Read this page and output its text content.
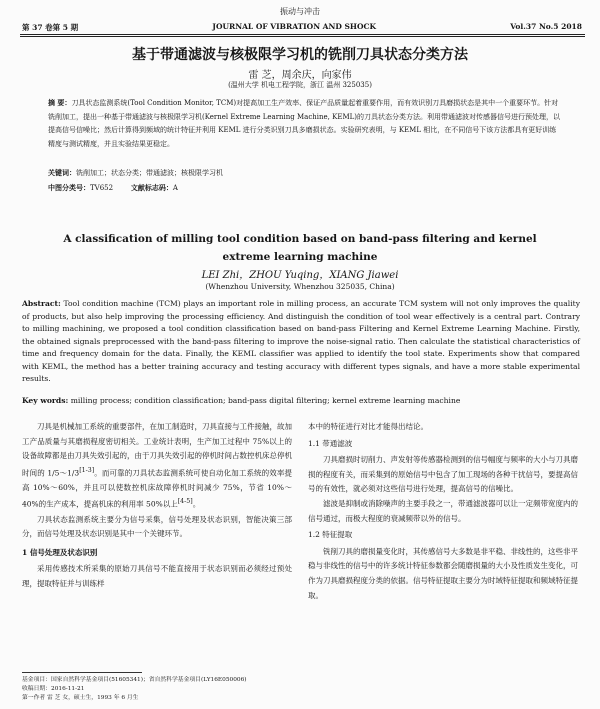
振动与冲击
第 37 卷第 5 期	JOURNAL OF VIBRATION AND SHOCK	Vol.37 No.5 2018
基于带通滤波与核极限学习机的铣削刀具状态分类方法
雷 芝，周余庆，向家伟
(温州大学 机电工程学院，浙江 温州 325035)
摘 要：刀具状态监测系统(Tool Condition Monitor, TCM)对提高加工生产效率、保证产品质量起着重要作用，而有效识别刀具磨损状态是其中一个重要环节。针对铣削加工，提出一种基于带通滤波与核极限学习机(Kernel Extreme Learning Machine, KEML)的刀具状态分类方法。利用带通滤波对传感器信号进行预处理，以提高信号信噪比；然后计算得到频域的统计特征并利用 KEML 进行分类识别刀具多磨损状态。实验研究表明，与 KEML 相比，在不同信号下该方法都具有更好训练精度与测试精度，并且实验结果更稳定。
关键词：铣削加工；状态分类；带通滤波；核极限学习机
中图分类号：TV652	文献标志码：A
A classification of milling tool condition based on band-pass filtering and kernel extreme learning machine
LEI Zhi，ZHOU Yuqing，XIANG Jiawei
(Whenzhou University, Whenzhou 325035, China)
Abstract: Tool condition machine (TCM) plays an important role in milling process, an accurate TCM system will not only improves the quality of products, but also help improving the processing efficiency. And distinguish the condition of tool wear effectively is a central part. Contrary to milling machining, we proposed a tool condition classification based on band-pass Filtering and Kernel Extreme Learning Machine. Firstly, the obtained signals preprocessed with the band-pass filtering to improve the noise-signal ratio. Then calculate the statistical characteristics of time and frequency domain for the data. Finally, the KEML classifier was applied to identify the tool state. Experiments show that compared with KEML, the method has a better training accuracy and testing accuracy with different types signals, and have a more stable experimental results.
Key words: milling process; condition classification; band-pass digital filtering; kernel extreme learning machine

刀具是机械加工系统的重要部件，在加工制造时，刀具直接与工件接触，故加工产品质量与其磨损程度密切相关。工业统计表明，生产加工过程中 75%以上的设备故障都是由刀具失效引起的，由于刀具失效引起的停机时间占数控机床总停机时间的 1/5～1/3[1-3]。而可靠的刀具状态监测系统可使自动化加工系统的效率提高 10%～60%，并且可以使数控机床故障停机时间减少 75%，节省 10%～40%的生产成本，提高机床的利用率 50%以上[4-5]。

刀具状态监测系统主要分为信号采集，信号处理及状态识别，智能决策三部分，而信号处理及状态识别是其中一个关键环节。

1 信号处理及状态识别

采用传感技术所采集的原始刀具信号不能直接用于状态识别而必须经过预处理，提取特征并与训练样

本中的特征进行对比才能得出结论。
1.1 带通滤波

刀具磨损时切削力、声发射等传感器检测到的信号幅度与频率的大小与刀具磨损的程度有关，而采集到的原始信号中包含了加工现场的各种干扰信号，要提高信号的有效性，就必须对这些信号进行处理，提高信号的信噪比。

滤波是抑制或消除噪声的主要手段之一，带通滤波器可以让一定频带宽度内的信号通过，而极大程度的衰减频带以外的信号。

1.2 特征提取

铣削刀具的磨损量变化时，其传感信号大多数是非平稳、非线性的，这些非平稳与非线性的信号中的许多统计特征参数都会随磨损量的大小及性质发生变化，可作为刀具磨损程度分类的依据。信号特征提取主要分为时域特征提取和频域特征提取。

基金项目：国家自然科学基金项目(51605341)；省自然科学基金项目(LY16E050006)
收稿日期：2016-11-21
第一作者 雷 芝 女，硕士生，1993 年 6 月生
